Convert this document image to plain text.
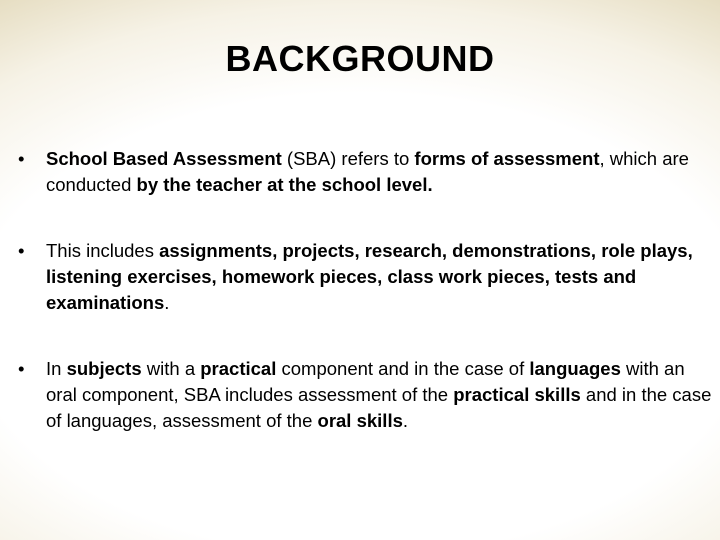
BACKGROUND
•	School Based Assessment (SBA) refers to forms of assessment, which are conducted by the teacher at the school level.
•	This includes assignments, projects, research, demonstrations, role plays, listening exercises, homework pieces, class work pieces, tests and examinations.
•	In subjects with a practical component and in the case of languages with an oral component, SBA includes assessment of the practical skills and in the case of languages, assessment of the oral skills.
